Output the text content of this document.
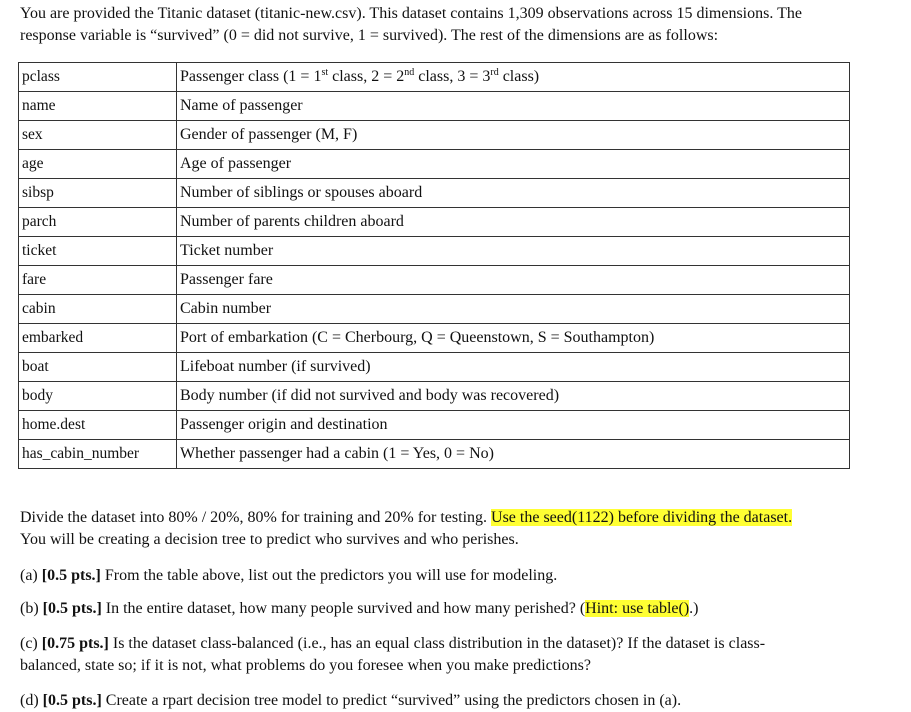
You are provided the Titanic dataset (titanic-new.csv). This dataset contains 1,309 observations across 15 dimensions. The

response variable is “survived” (0 = did not survive, 1 = survived). The rest of the dimensions are as follows:

pclass	Passenger class (1 = 1st class, 2 = 2nd class, 3 = 3rd class)
name	Name of passenger
sex	Gender of passenger (M, F)
age	Age of passenger
sibsp	Number of siblings or spouses aboard
parch	Number of parents children aboard
ticket	Ticket number
fare	Passenger fare
cabin	Cabin number
embarked	Port of embarkation (C = Cherbourg, Q = Queenstown, S = Southampton)
boat	Lifeboat number (if survived)
body	Body number (if did not survived and body was recovered)
home.dest	Passenger origin and destination
has_cabin_number	Whether passenger had a cabin (1 = Yes, 0 = No)

Divide the dataset into 80% / 20%, 80% for training and 20% for testing. Use the seed(1122) before dividing the dataset.
You will be creating a decision tree to predict who survives and who perishes.

(a) [0.5 pts.] From the table above, list out the predictors you will use for modeling.

(b) [0.5 pts.] In the entire dataset, how many people survived and how many perished? (Hint: use table().)

(c) [0.75 pts.] Is the dataset class-balanced (i.e., has an equal class distribution in the dataset)? If the dataset is class-
balanced, state so; if it is not, what problems do you foresee when you make predictions?

(d) [0.5 pts.] Create a rpart decision tree model to predict “survived” using the predictors chosen in (a).
